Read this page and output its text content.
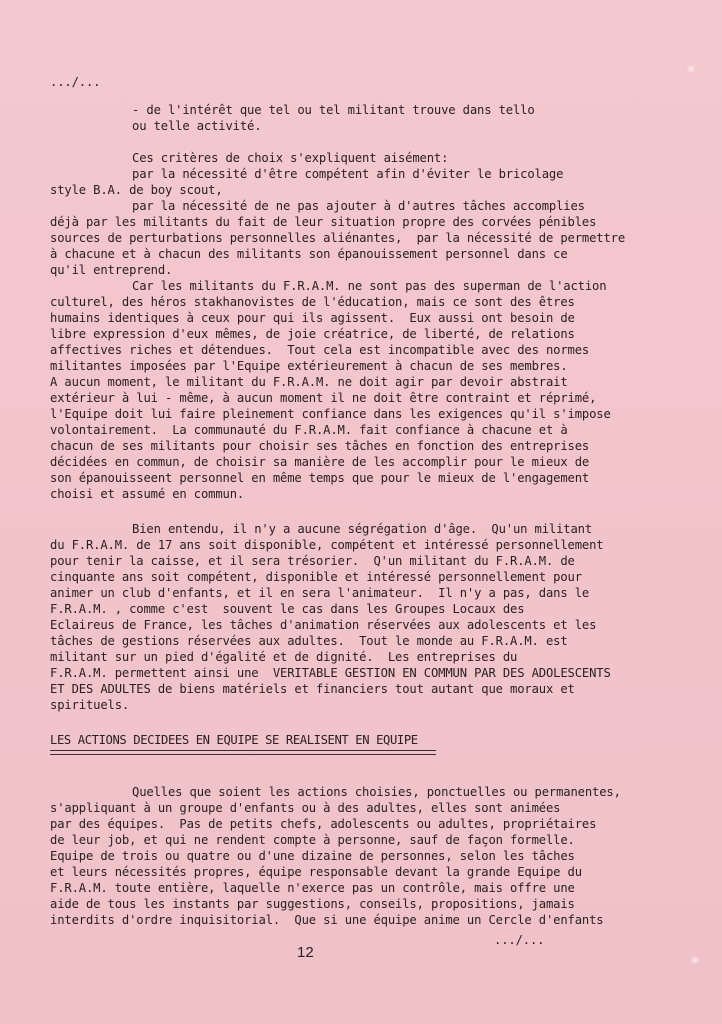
.../...
- de l'intérêt que tel ou tel militant trouve dans tello
ou telle activité.
Ces critères de choix s'expliquent aisément:
par la nécessité d'être compétent afin d'éviter le bricolage
style B.A. de boy scout,
par la nécessité de ne pas ajouter à d'autres tâches accomplies
déjà par les militants du fait de leur situation propre des corvées pénibles
sources de perturbations personnelles aliénantes,  par la nécessité de permettre
à chacune et à chacun des militants son épanouissement personnel dans ce
qu'il entreprend.
Car les militants du F.R.A.M. ne sont pas des superman de l'action
culturel, des héros stakhanovistes de l'éducation, mais ce sont des êtres
humains identiques à ceux pour qui ils agissent.  Eux aussi ont besoin de
libre expression d'eux mêmes, de joie créatrice, de liberté, de relations
affectives riches et détendues.  Tout cela est incompatible avec des normes
militantes imposées par l'Equipe extérieurement à chacun de ses membres.
A aucun moment, le militant du F.R.A.M. ne doit agir par devoir abstrait
extérieur à lui - même, à aucun moment il ne doit être contraint et réprimé,
l'Equipe doit lui faire pleinement confiance dans les exigences qu'il s'impose
volontairement.  La communauté du F.R.A.M. fait confiance à chacune et à
chacun de ses militants pour choisir ses tâches en fonction des entreprises
décidées en commun, de choisir sa manière de les accomplir pour le mieux de
son épanouisseent personnel en même temps que pour le mieux de l'engagement
choisi et assumé en commun.
Bien entendu, il n'y a aucune ségrégation d'âge.  Qu'un militant
du F.R.A.M. de 17 ans soit disponible, compétent et intéressé personnellement
pour tenir la caisse, et il sera trésorier.  Q'un militant du F.R.A.M. de
cinquante ans soit compétent, disponible et intéressé personnellement pour
animer un club d'enfants, et il en sera l'animateur.  Il n'y a pas, dans le
F.R.A.M. , comme c'est  souvent le cas dans les Groupes Locaux des
Eclaireus de France, les tâches d'animation réservées aux adolescents et les
tâches de gestions réservées aux adultes.  Tout le monde au F.R.A.M. est
militant sur un pied d'égalité et de dignité.  Les entreprises du
F.R.A.M. permettent ainsi une  VERITABLE GESTION EN COMMUN PAR DES ADOLESCENTS
ET DES ADULTES de biens matériels et financiers tout autant que moraux et
spirituels.
LES ACTIONS DECIDEES EN EQUIPE SE REALISENT EN EQUIPE
Quelles que soient les actions choisies, ponctuelles ou permanentes,
s'appliquant à un groupe d'enfants ou à des adultes, elles sont animées
par des équipes.  Pas de petits chefs, adolescents ou adultes, propriétaires
de leur job, et qui ne rendent compte à personne, sauf de façon formelle.
Equipe de trois ou quatre ou d'une dizaine de personnes, selon les tâches
et leurs nécessités propres, équipe responsable devant la grande Equipe du
F.R.A.M. toute entière, laquelle n'exerce pas un contrôle, mais offre une
aide de tous les instants par suggestions, conseils, propositions, jamais
interdits d'ordre inquisitorial.  Que si une équipe anime un Cercle d'enfants
12
.../...
